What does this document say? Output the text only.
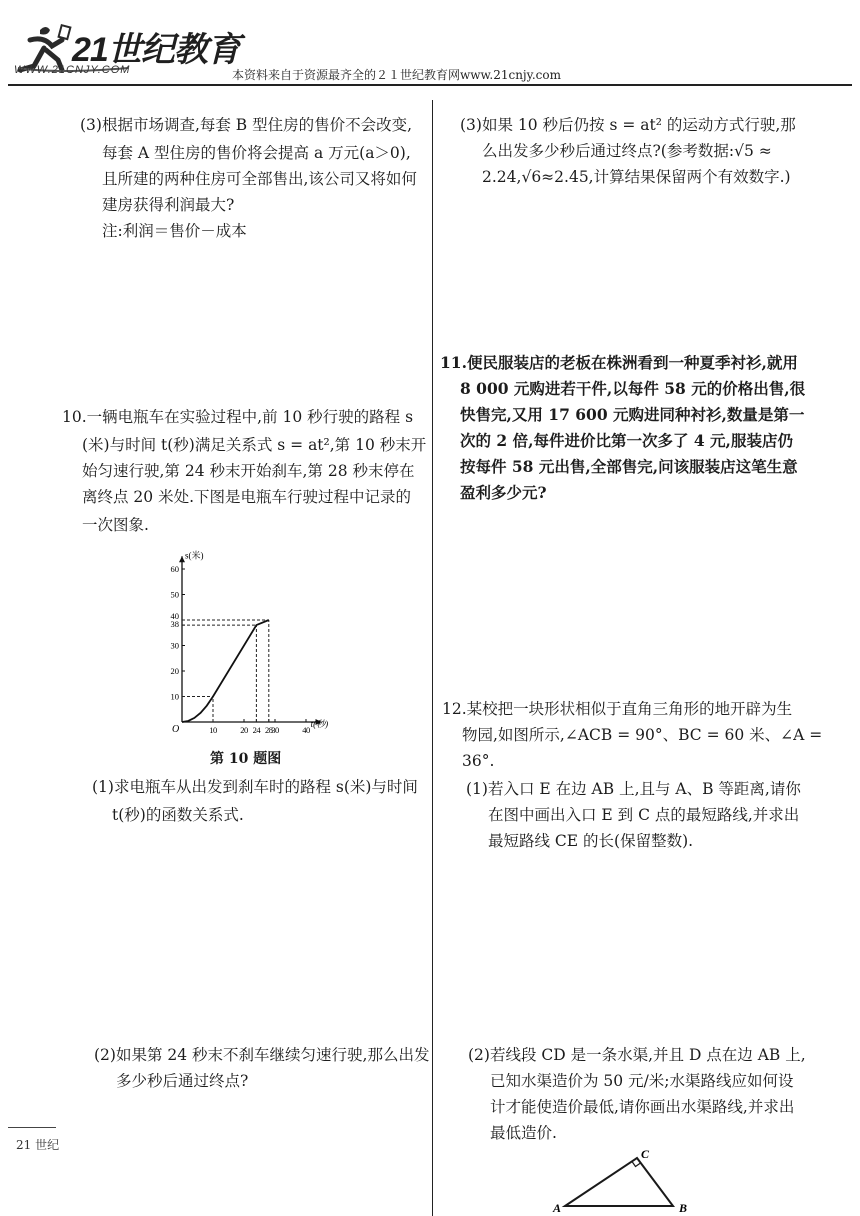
21世纪教育
WWW.21CNJY.COM	本资料来自于资源最齐全的２１世纪教育网www.21cnjy.com
(3)根据市场调查,每套 B 型住房的售价不会改变,
每套 A 型住房的售价将会提高 a 万元(a＞0),
且所建的两种住房可全部售出,该公司又将如何
建房获得利润最大?
注:利润＝售价－成本
10.一辆电瓶车在实验过程中,前 10 秒行驶的路程 s
(米)与时间 t(秒)满足关系式 s = at²,第 10 秒末开
始匀速行驶,第 24 秒末开始刹车,第 28 秒末停在
离终点 20 米处.下图是电瓶车行驶过程中记录的
一次图象.
s(米)
t(秒)
O
10
20
30
38
40
50
60
10	20 24 28
30	40
第 10 题图
(1)求电瓶车从出发到刹车时的路程 s(米)与时间
t(秒)的函数关系式.
(2)如果第 24 秒末不刹车继续匀速行驶,那么出发
多少秒后通过终点?
21 世纪
(3)如果 10 秒后仍按 s = at² 的运动方式行驶,那
么出发多少秒后通过终点?(参考数据:√5 ≈
2.24,√6≈2.45,计算结果保留两个有效数字.)
11.便民服装店的老板在株洲看到一种夏季衬衫,就用
8 000 元购进若干件,以每件 58 元的价格出售,很
快售完,又用 17 600 元购进同种衬衫,数量是第一
次的 2 倍,每件进价比第一次多了 4 元,服装店仍
按每件 58 元出售,全部售完,问该服装店这笔生意
盈利多少元?
12.某校把一块形状相似于直角三角形的地开辟为生
物园,如图所示,∠ACB = 90°、BC = 60 米、∠A =
36°.
(1)若入口 E 在边 AB 上,且与 A、B 等距离,请你
在图中画出入口 E 到 C 点的最短路线,并求出
最短路线 CE 的长(保留整数).
(2)若线段 CD 是一条水渠,并且 D 点在边 AB 上,
已知水渠造价为 50 元/米;水渠路线应如何设
计才能使造价最低,请你画出水渠路线,并求出
最低造价.
A
C
B
